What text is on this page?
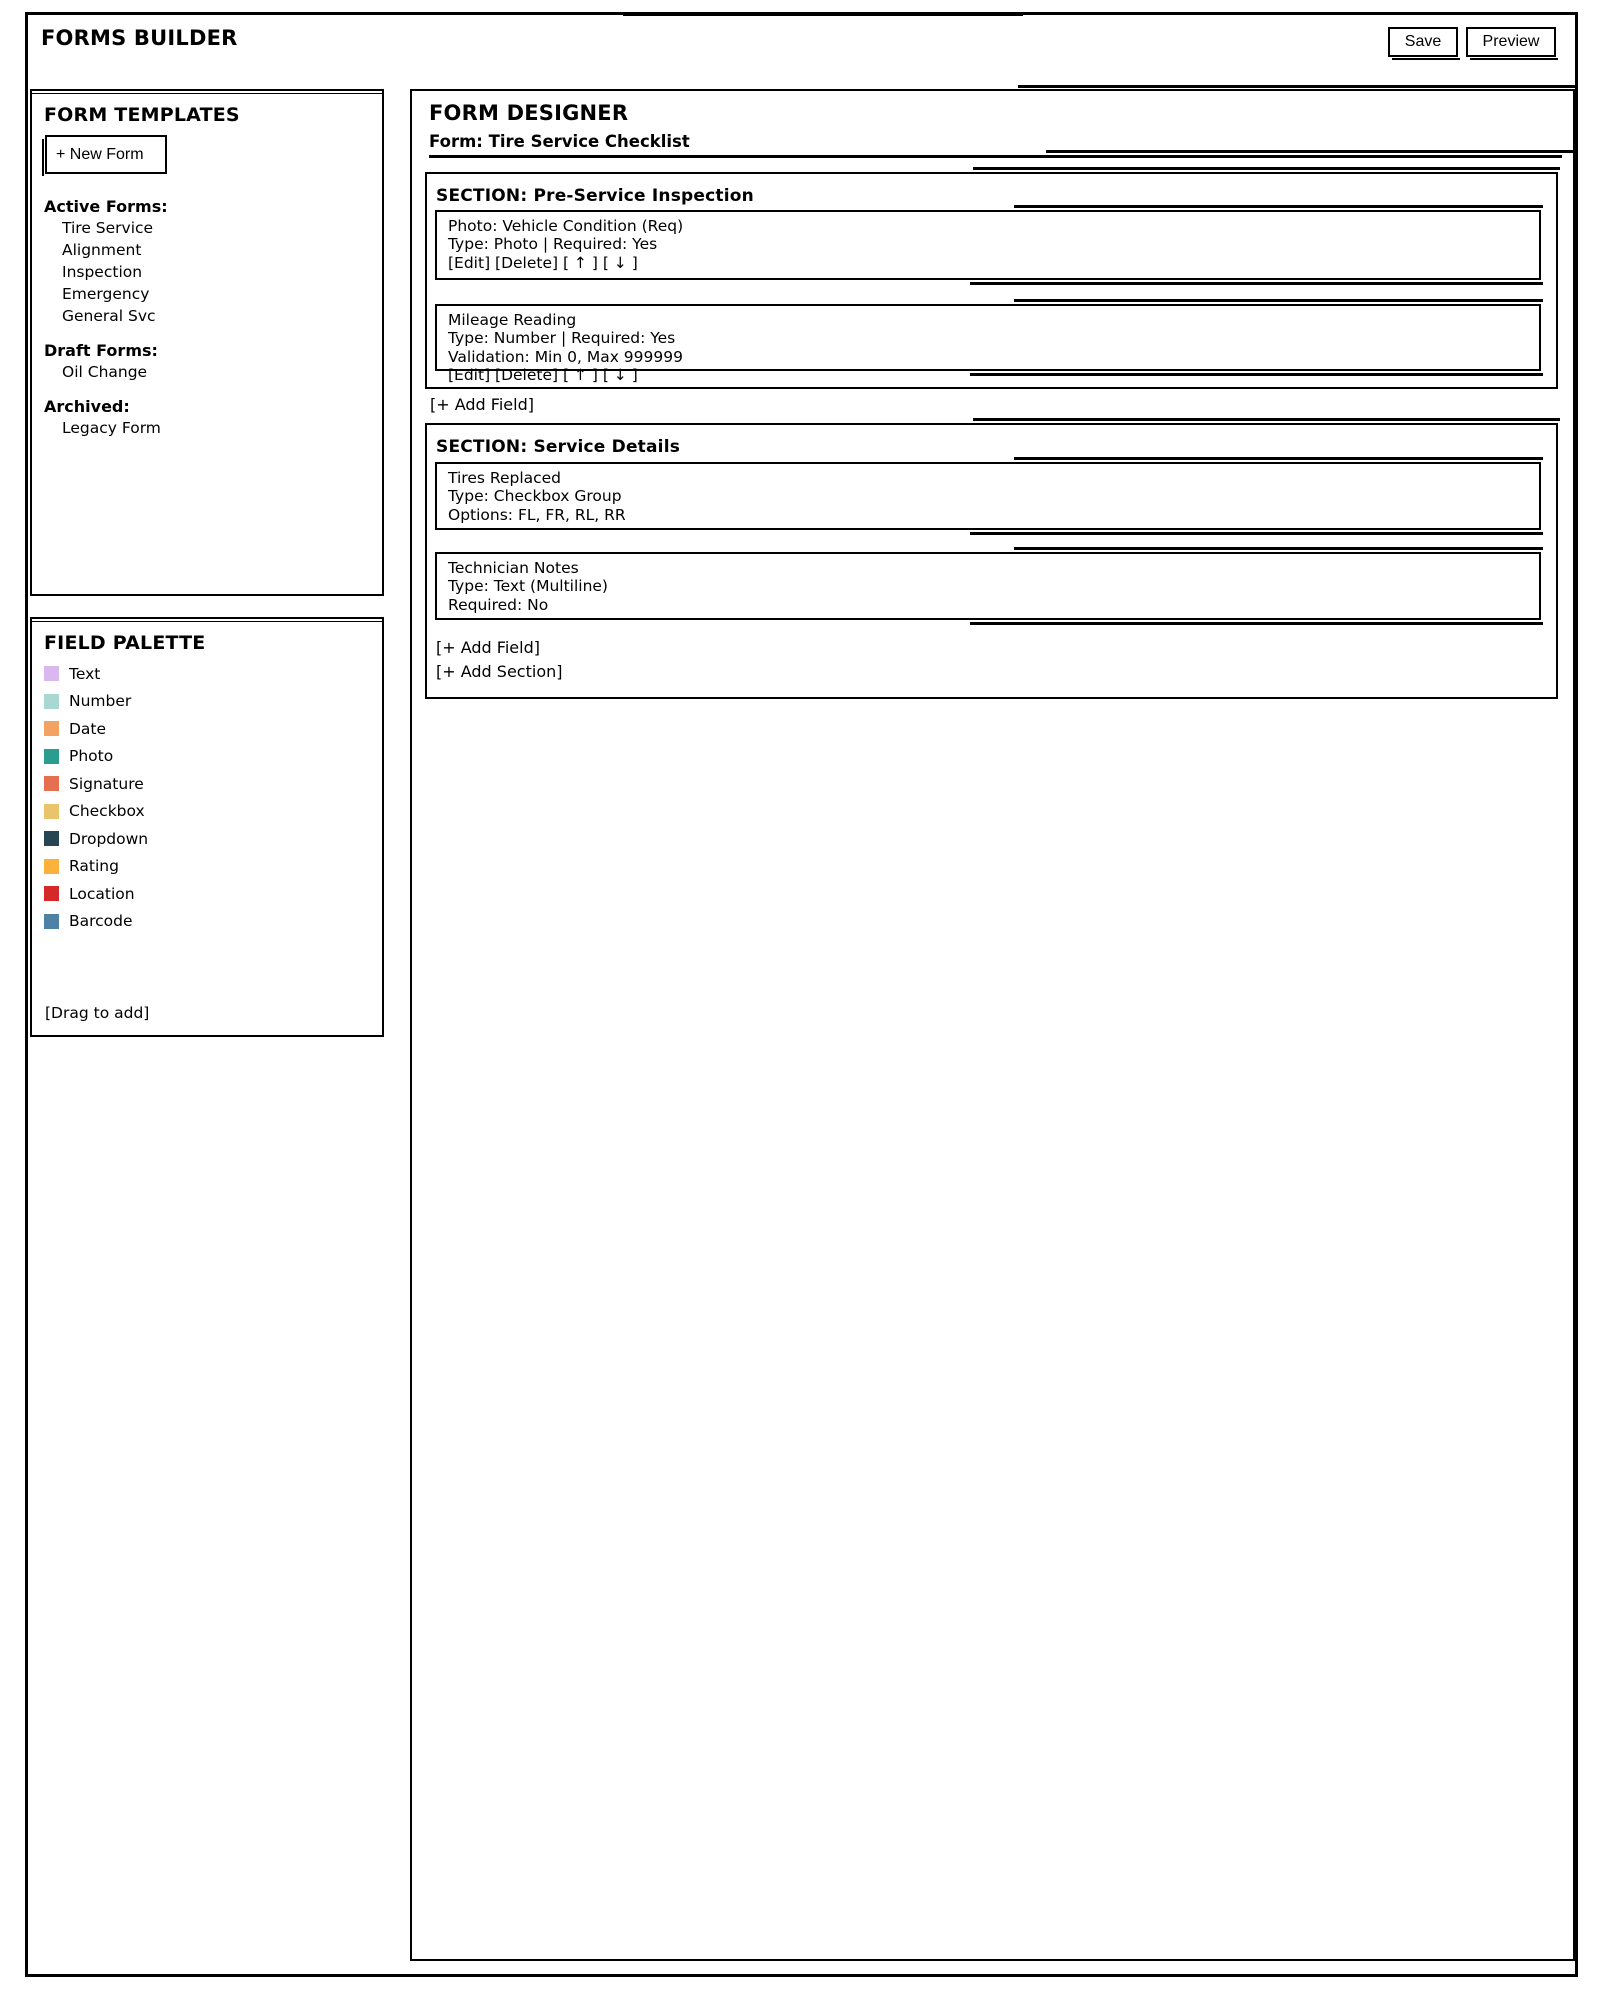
FORMS BUILDER	Save	Preview
FORM TEMPLATES
+ New Form
Active Forms:
Tire Service
Alignment
Inspection
Emergency
General Svc
Draft Forms:
Oil Change
Archived:
Legacy Form
FIELD PALETTE
Text
Number
Date
Photo
Signature
Checkbox
Dropdown
Rating
Location
Barcode
[Drag to add]
FORM DESIGNER
Form: Tire Service Checklist
SECTION: Pre-Service Inspection
Photo: Vehicle Condition (Req)
Type: Photo | Required: Yes
[Edit] [Delete] [ ↑ ] [ ↓ ]
Mileage Reading
Type: Number | Required: Yes
Validation: Min 0, Max 999999
[Edit] [Delete] [ ↑ ] [ ↓ ]
[+ Add Field]
SECTION: Service Details
Tires Replaced
Type: Checkbox Group
Options: FL, FR, RL, RR
Technician Notes
Type: Text (Multiline)
Required: No
[+ Add Field]
[+ Add Section]
